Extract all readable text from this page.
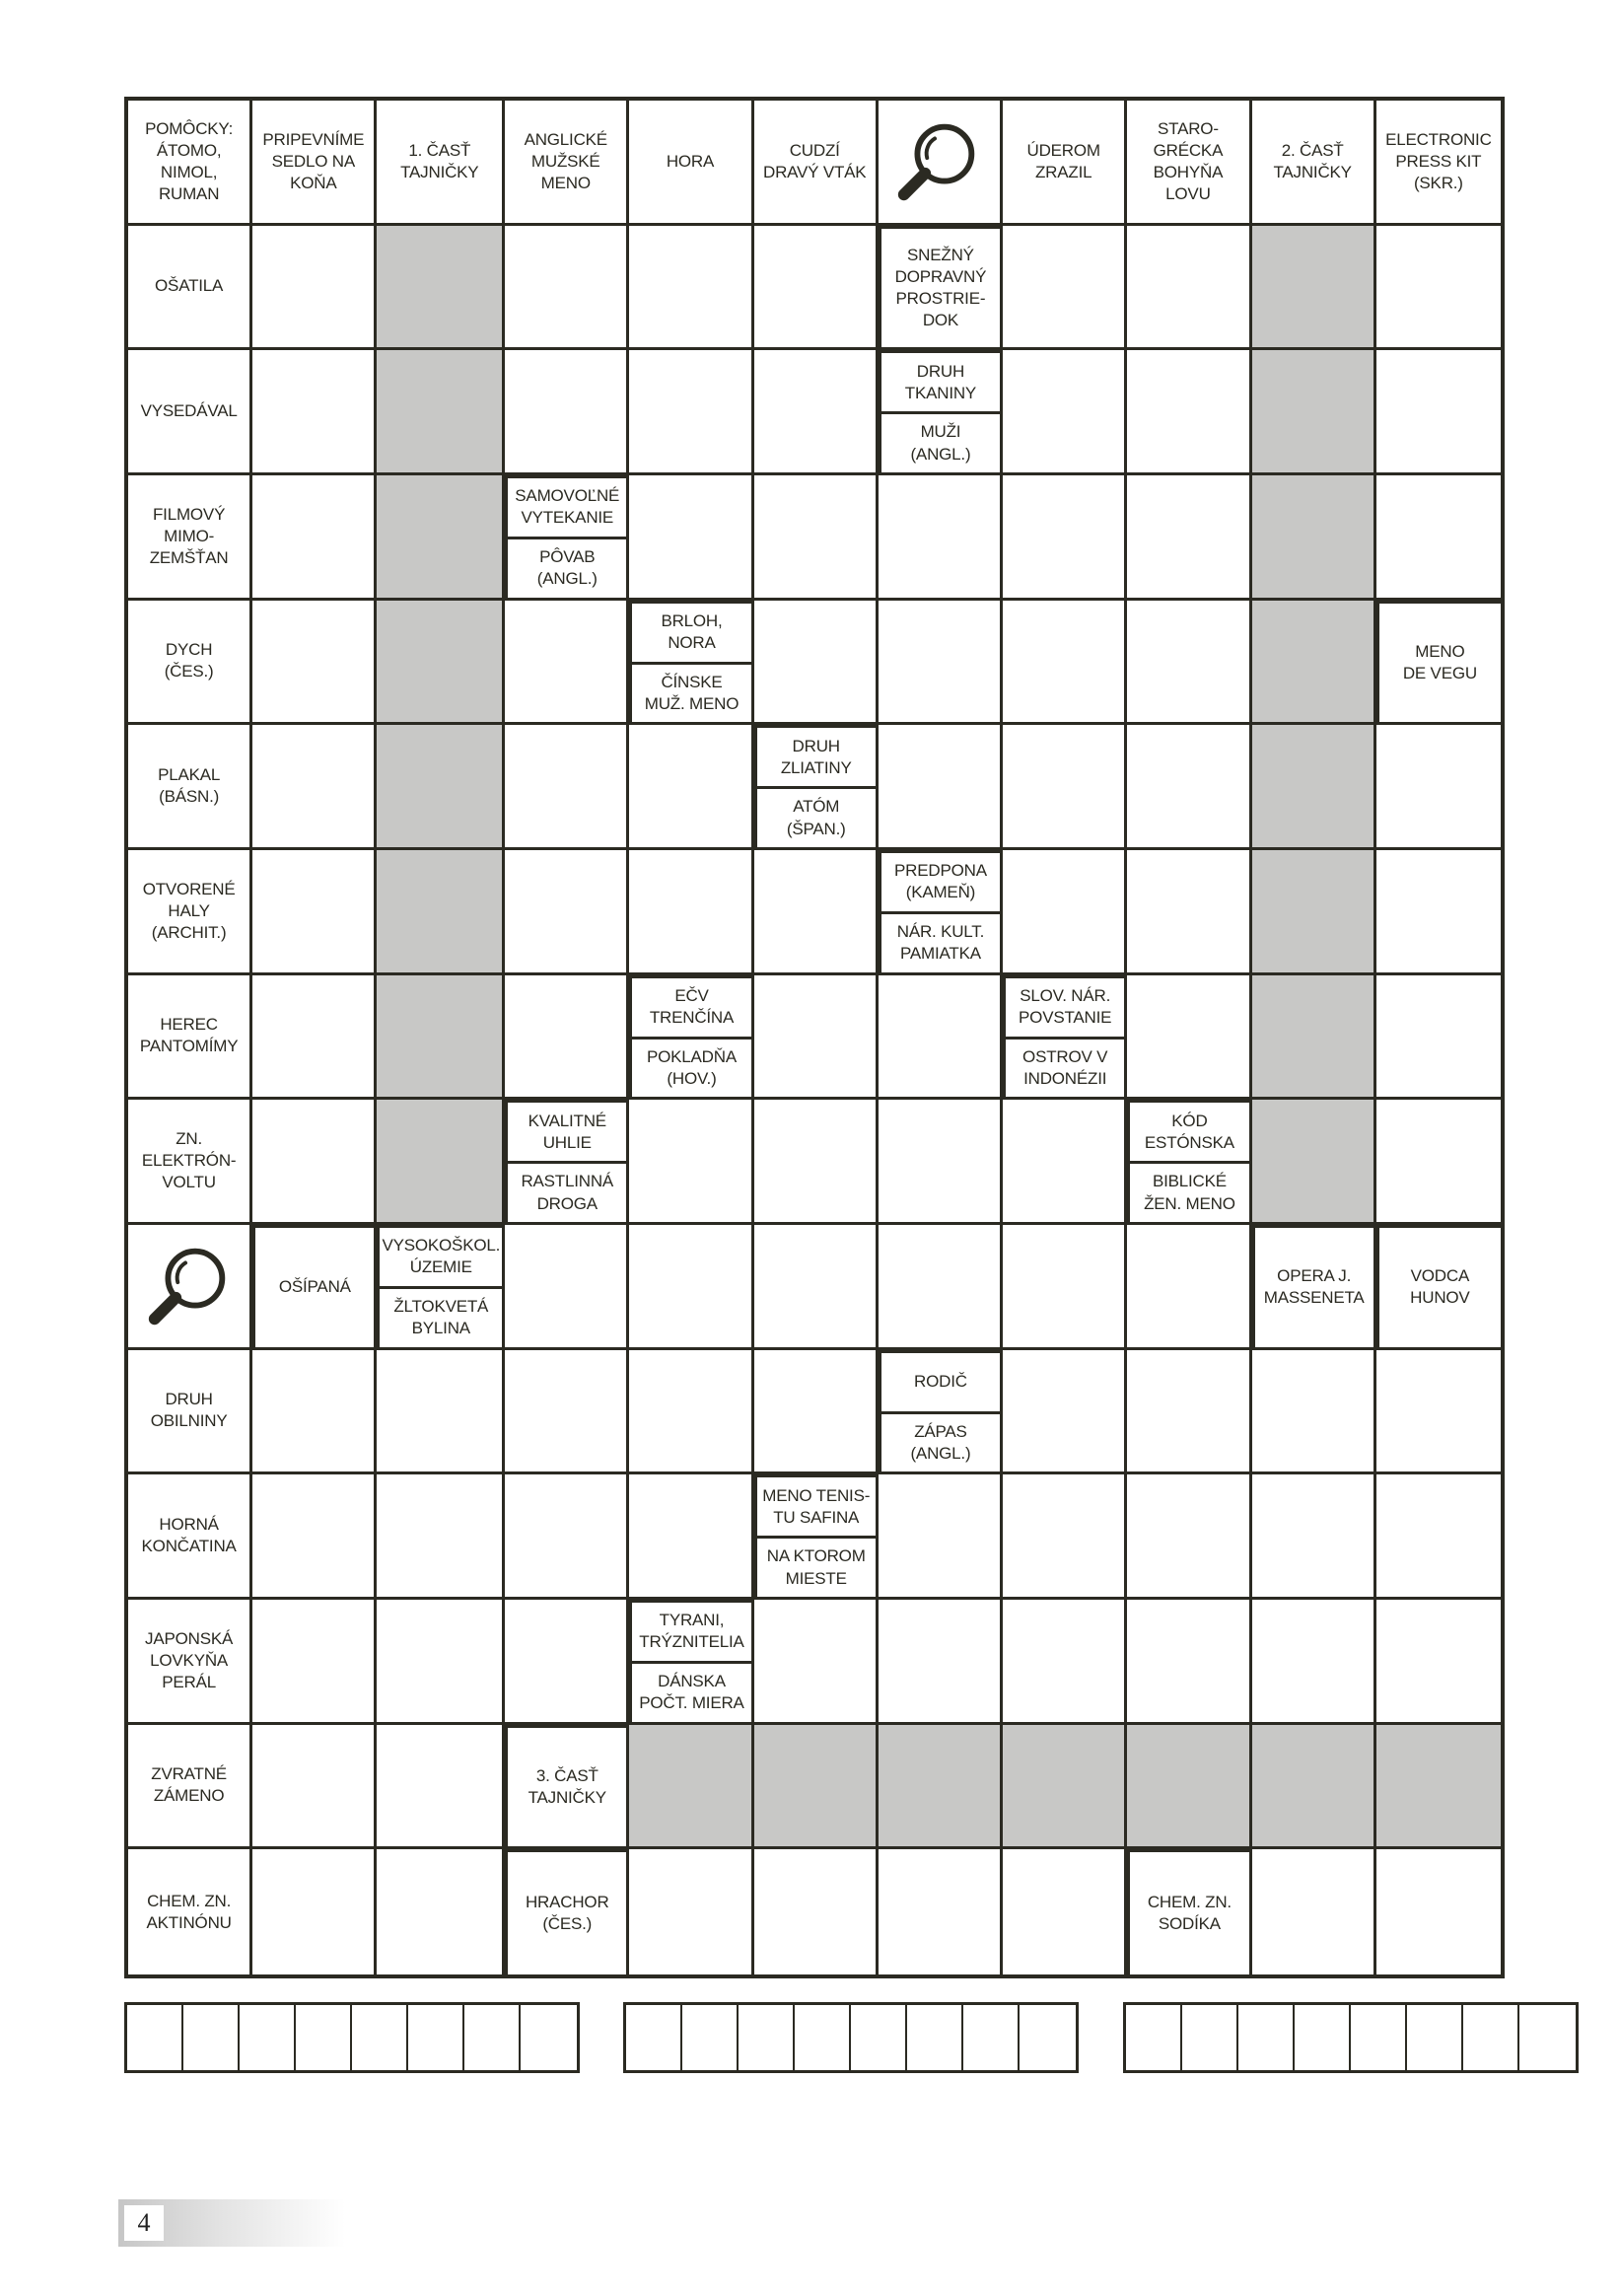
POMÔCKY:
ÁTOMO,
NIMOL,
RUMAN
PRIPEVNÍME
SEDLO NA
KOŇA
1. ČASŤ
TAJNIČKY
ANGLICKÉ
MUŽSKÉ
MENO
HORA
CUDZÍ
DRAVÝ VTÁK
ÚDEROM
ZRAZIL
STARO-
GRÉCKA
BOHYŇA
LOVU
2. ČASŤ
TAJNIČKY
ELECTRONIC
PRESS KIT
(SKR.)
OŠATILA
SNEŽNÝ
DOPRAVNÝ
PROSTRIE-
DOK
VYSEDÁVAL
DRUH
TKANINY
MUŽI
(ANGL.)
FILMOVÝ
MIMO-
ZEMŠŤAN
SAMOVOĽNÉ
VYTEKANIE
PÔVAB
(ANGL.)
DYCH
(ČES.)
BRLOH,
NORA
ČÍNSKE
MUŽ. MENO
MENO
DE VEGU
PLAKAL
(BÁSN.)
DRUH
ZLIATINY
ATÓM
(ŠPAN.)
OTVORENÉ
HALY
(ARCHIT.)
PREDPONA
(KAMEŇ)
NÁR. KULT.
PAMIATKA
HEREC
PANTOMÍMY
EČV
TRENČÍNA
POKLADŇA
(HOV.)
SLOV. NÁR.
POVSTANIE
OSTROV V
INDONÉZII
ZN.
ELEKTRÓN-
VOLTU
KVALITNÉ
UHLIE
RASTLINNÁ
DROGA
KÓD
ESTÓNSKA
BIBLICKÉ
ŽEN. MENO
OŠÍPANÁ
VYSOKOŠKOL.
ÚZEMIE
ŽLTOKVETÁ
BYLINA
OPERA J.
MASSENETA
VODCA
HUNOV
DRUH
OBILNINY
RODIČ
ZÁPAS
(ANGL.)
HORNÁ
KONČATINA
MENO TENIS-
TU SAFINA
NA KTOROM
MIESTE
JAPONSKÁ
LOVKYŇA
PERÁL
TYRANI,
TRÝZNITELIA
DÁNSKA
POČT. MIERA
ZVRATNÉ
ZÁMENO
3. ČASŤ
TAJNIČKY
CHEM. ZN.
AKTINÓNU
HRACHOR
(ČES.)
CHEM. ZN.
SODÍKA
4
